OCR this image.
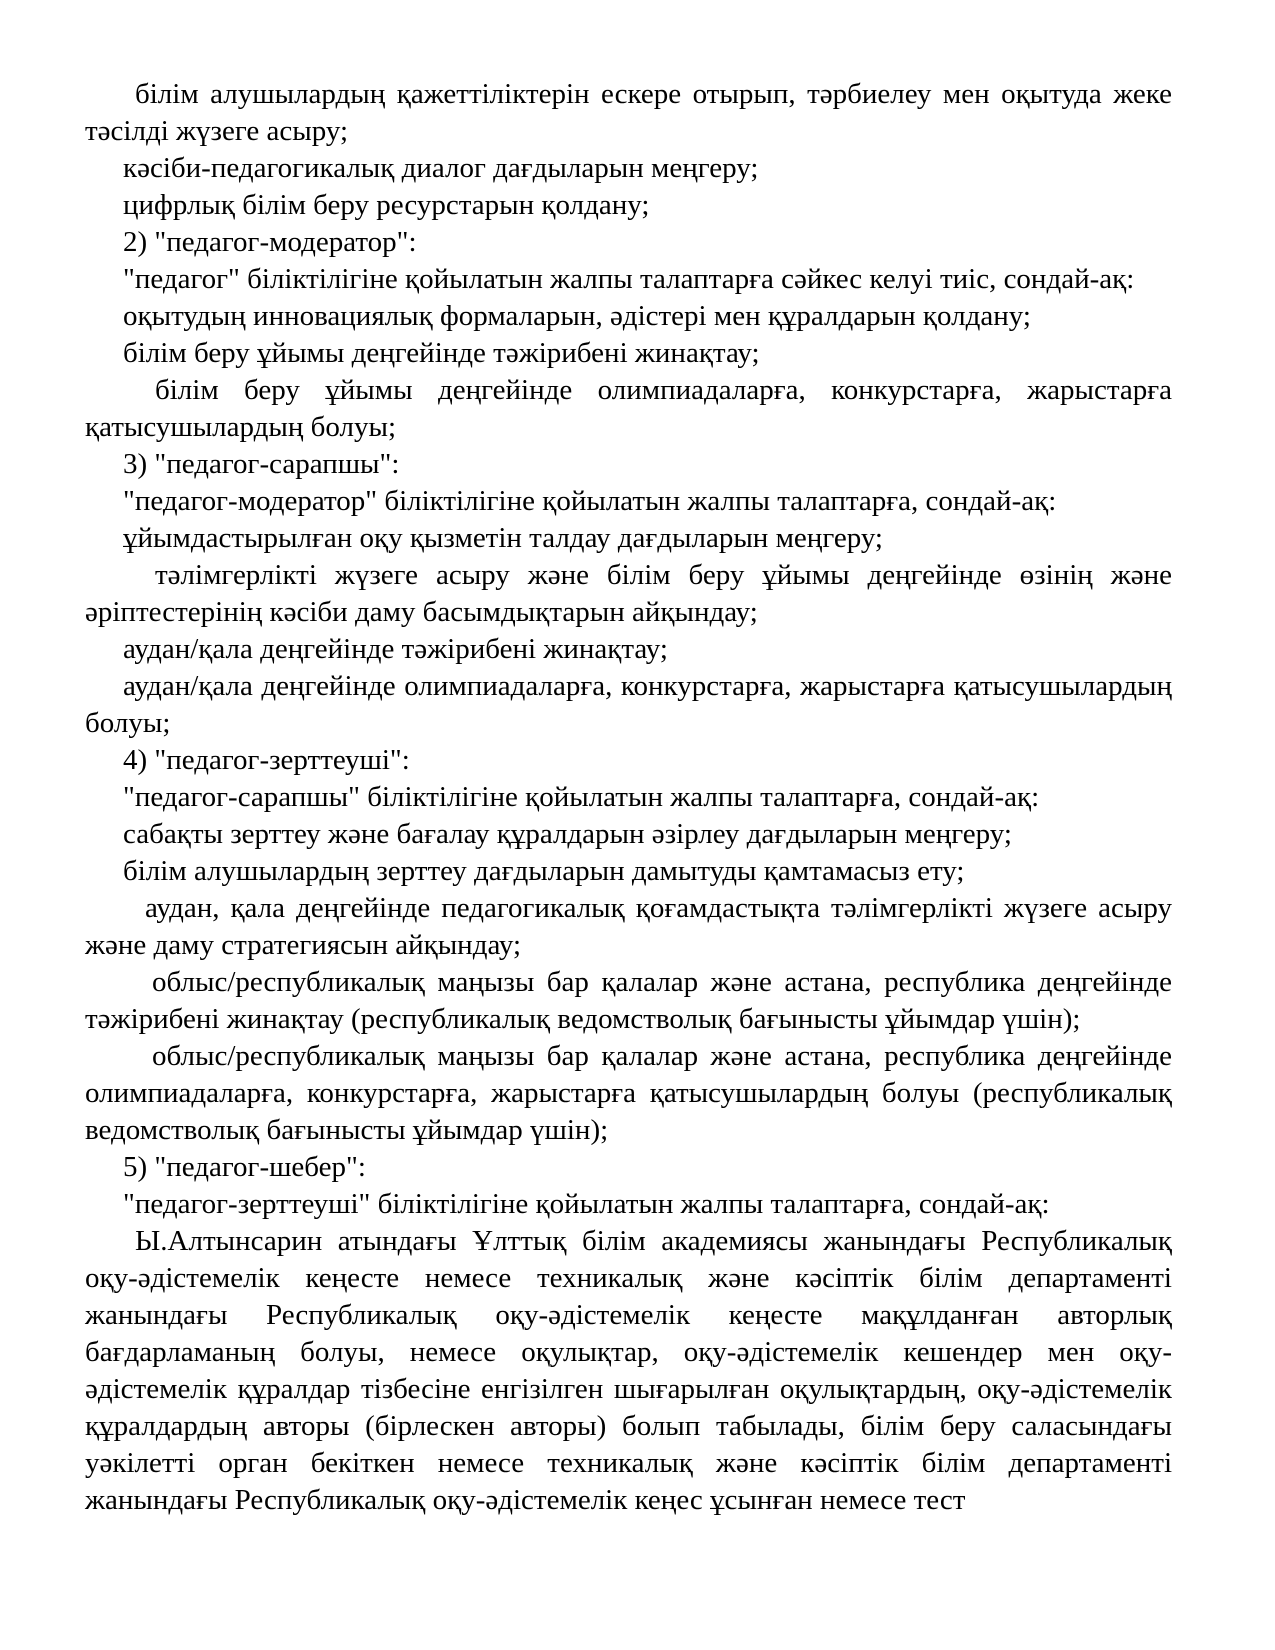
білім алушылардың қажеттіліктерін ескере отырып, тәрбиелеу мен оқытуда жеке тәсілді жүзеге асыру;

кәсіби-педагогикалық диалог дағдыларын меңгеру;

цифрлық білім беру ресурстарын қолдану;

2) "педагог-модератор":

"педагог" біліктілігіне қойылатын жалпы талаптарға сәйкес келуі тиіс, сондай-ақ:

оқытудың инновациялық формаларын, әдістері мен құралдарын қолдану;

білім беру ұйымы деңгейінде тәжірибені жинақтау;

білім беру ұйымы деңгейінде олимпиадаларға, конкурстарға, жарыстарға қатысушылардың болуы;

3) "педагог-сарапшы":

"педагог-модератор" біліктілігіне қойылатын жалпы талаптарға, сондай-ақ:

ұйымдастырылған оқу қызметін талдау дағдыларын меңгеру;

тәлімгерлікті жүзеге асыру және білім беру ұйымы деңгейінде өзінің және әріптестерінің кәсіби даму басымдықтарын айқындау;

аудан/қала деңгейінде тәжірибені жинақтау;

аудан/қала деңгейінде олимпиадаларға, конкурстарға, жарыстарға қатысушылардың болуы;

4) "педагог-зерттеуші":

"педагог-сарапшы" біліктілігіне қойылатын жалпы талаптарға, сондай-ақ:

сабақты зерттеу және бағалау құралдарын әзірлеу дағдыларын меңгеру;

білім алушылардың зерттеу дағдыларын дамытуды қамтамасыз ету;

аудан, қала деңгейінде педагогикалық қоғамдастықта тәлімгерлікті жүзеге асыру және даму стратегиясын айқындау;

облыс/республикалық маңызы бар қалалар және астана, республика деңгейінде тәжірибені жинақтау (республикалық ведомстволық бағынысты ұйымдар үшін);

облыс/республикалық маңызы бар қалалар және астана, республика деңгейінде олимпиадаларға, конкурстарға, жарыстарға қатысушылардың болуы (республикалық ведомстволық бағынысты ұйымдар үшін);

5) "педагог-шебер":

"педагог-зерттеуші" біліктілігіне қойылатын жалпы талаптарға, сондай-ақ:

Ы.Алтынсарин атындағы Ұлттық білім академиясы жанындағы Республикалық оқу-әдістемелік кеңесте немесе техникалық және кәсіптік білім департаменті жанындағы Республикалық оқу-әдістемелік кеңесте мақұлданған авторлық бағдарламаның болуы, немесе оқулықтар, оқу-әдістемелік кешендер мен оқу-әдістемелік құралдар тізбесіне енгізілген шығарылған оқулықтардың, оқу-әдістемелік құралдардың авторы (бірлескен авторы) болып табылады, білім беру саласындағы уәкілетті орган бекіткен немесе техникалық және кәсіптік білім департаменті жанындағы Республикалық оқу-әдістемелік кеңес ұсынған немесе тест
